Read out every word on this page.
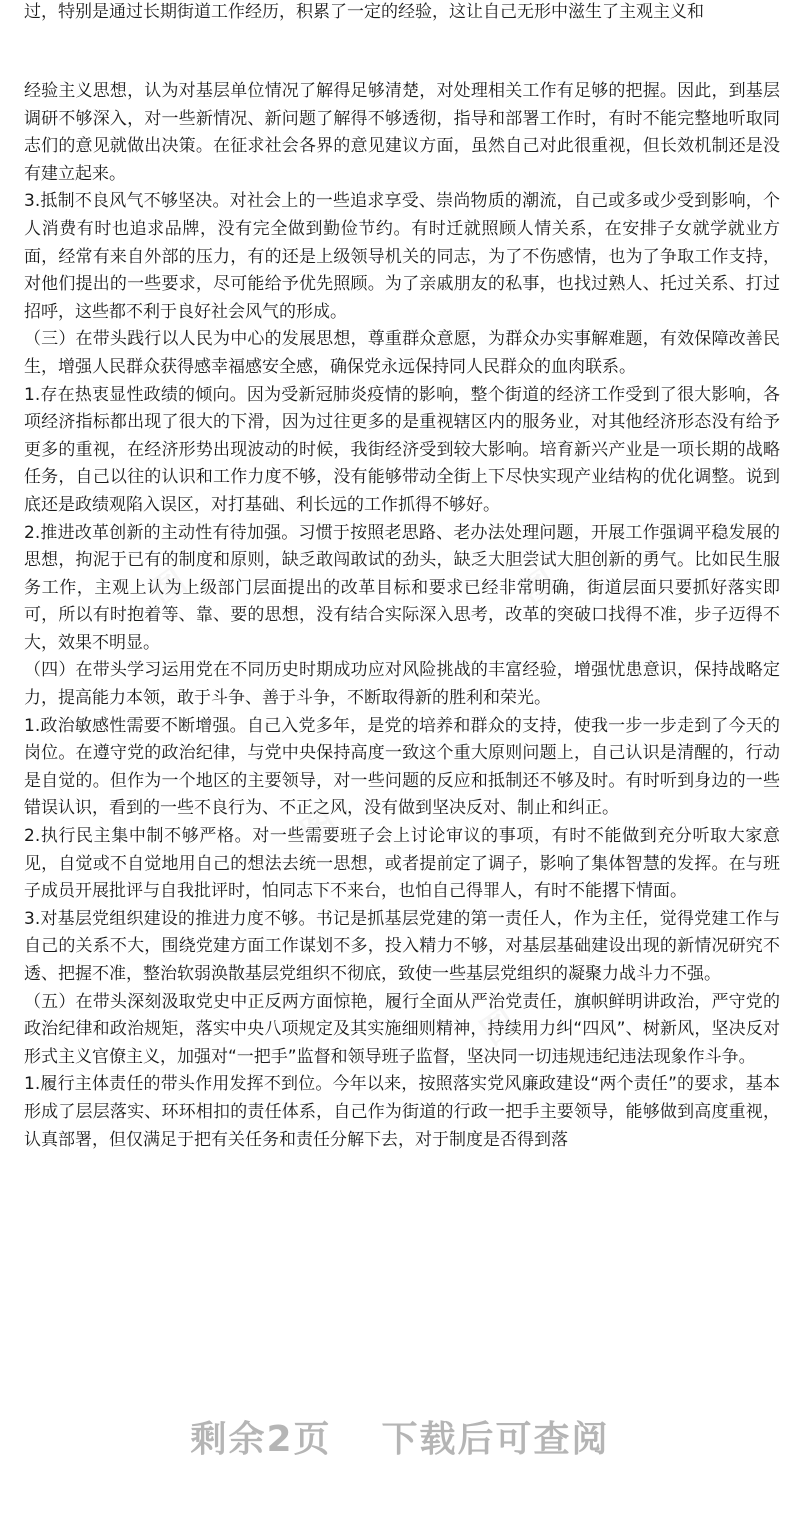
过，特别是通过长期街道工作经历，积累了一定的经验，这让自己无形中滋生了主观主义和

经验主义思想，认为对基层单位情况了解得足够清楚，对处理相关工作有足够的把握。因此，到基层调研不够深入，对一些新情况、新问题了解得不够透彻，指导和部署工作时，有时不能完整地听取同志们的意见就做出决策。在征求社会各界的意见建议方面，虽然自己对此很重视，但长效机制还是没有建立起来。

3.抵制不良风气不够坚决。对社会上的一些追求享受、崇尚物质的潮流，自己或多或少受到影响，个人消费有时也追求品牌，没有完全做到勤俭节约。有时迁就照顾人情关系，在安排子女就学就业方面，经常有来自外部的压力，有的还是上级领导机关的同志，为了不伤感情，也为了争取工作支持，对他们提出的一些要求，尽可能给予优先照顾。为了亲戚朋友的私事，也找过熟人、托过关系、打过招呼，这些都不利于良好社会风气的形成。

（三）在带头践行以人民为中心的发展思想，尊重群众意愿，为群众办实事解难题，有效保障改善民生，增强人民群众获得感幸福感安全感，确保党永远保持同人民群众的血肉联系。

1.存在热衷显性政绩的倾向。因为受新冠肺炎疫情的影响，整个街道的经济工作受到了很大影响，各项经济指标都出现了很大的下滑，因为过往更多的是重视辖区内的服务业，对其他经济形态没有给予更多的重视，在经济形势出现波动的时候，我街经济受到较大影响。培育新兴产业是一项长期的战略任务，自己以往的认识和工作力度不够，没有能够带动全街上下尽快实现产业结构的优化调整。说到底还是政绩观陷入误区，对打基础、利长远的工作抓得不够好。

2.推进改革创新的主动性有待加强。习惯于按照老思路、老办法处理问题，开展工作强调平稳发展的思想，拘泥于已有的制度和原则，缺乏敢闯敢试的劲头，缺乏大胆尝试大胆创新的勇气。比如民生服务工作，主观上认为上级部门层面提出的改革目标和要求已经非常明确，街道层面只要抓好落实即可，所以有时抱着等、靠、要的思想，没有结合实际深入思考，改革的突破口找得不准，步子迈得不大，效果不明显。

（四）在带头学习运用党在不同历史时期成功应对风险挑战的丰富经验，增强忧患意识，保持战略定力，提高能力本领，敢于斗争、善于斗争，不断取得新的胜利和荣光。

1.政治敏感性需要不断增强。自己入党多年，是党的培养和群众的支持，使我一步一步走到了今天的岗位。在遵守党的政治纪律，与党中央保持高度一致这个重大原则问题上，自己认识是清醒的，行动是自觉的。但作为一个地区的主要领导，对一些问题的反应和抵制还不够及时。有时听到身边的一些错误认识，看到的一些不良行为、不正之风，没有做到坚决反对、制止和纠正。

2.执行民主集中制不够严格。对一些需要班子会上讨论审议的事项，有时不能做到充分听取大家意见，自觉或不自觉地用自己的想法去统一思想，或者提前定了调子，影响了集体智慧的发挥。在与班子成员开展批评与自我批评时，怕同志下不来台，也怕自己得罪人，有时不能撂下情面。

3.对基层党组织建设的推进力度不够。书记是抓基层党建的第一责任人，作为主任，觉得党建工作与自己的关系不大，围绕党建方面工作谋划不多，投入精力不够，对基层基础建设出现的新情况研究不透、把握不准，整治软弱涣散基层党组织不彻底，致使一些基层党组织的凝聚力战斗力不强。

（五）在带头深刻汲取党史中正反两方面惊艳，履行全面从严治党责任，旗帜鲜明讲政治，严守党的政治纪律和政治规矩，落实中央八项规定及其实施细则精神，持续用力纠“四风”、树新风，坚决反对形式主义官僚主义，加强对“一把手”监督和领导班子监督，坚决同一切违规违纪违法现象作斗争。

1.履行主体责任的带头作用发挥不到位。今年以来，按照落实党风廉政建设“两个责任”的要求，基本形成了层层落实、环环相扣的责任体系，自己作为街道的行政一把手主要领导，能够做到高度重视，认真部署，但仅满足于把有关任务和责任分解下去，对于制度是否得到落

剩余2页 下载后可查阅
